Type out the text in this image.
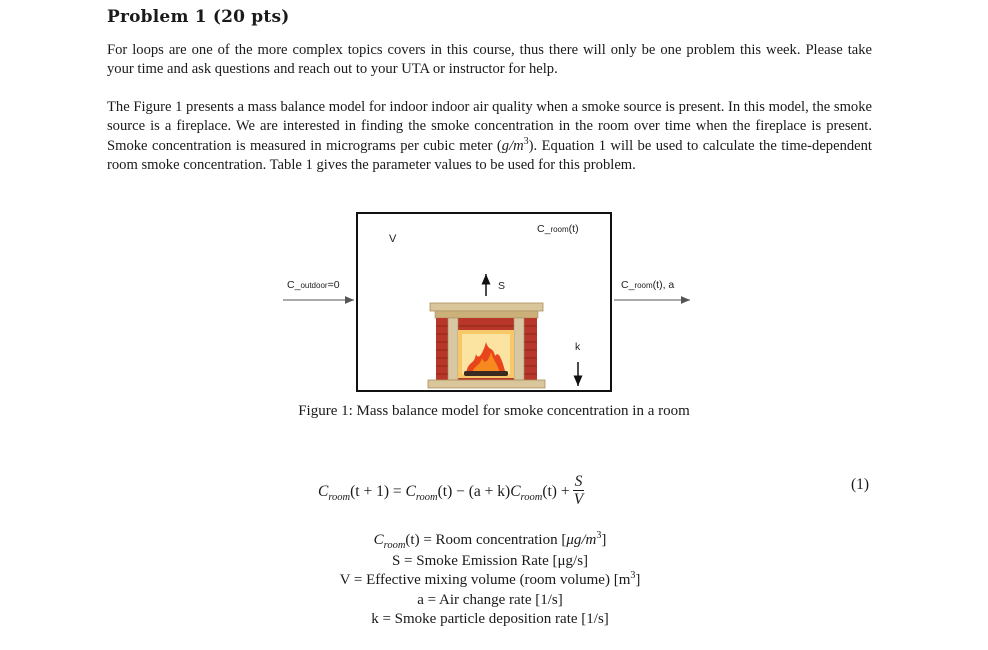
Problem 1 (20 pts)
For loops are one of the more complex topics covers in this course, thus there will only be one problem this week. Please take your time and ask questions and reach out to your UTA or instructor for help.
The Figure 1 presents a mass balance model for indoor indoor air quality when a smoke source is present. In this model, the smoke source is a fireplace. We are interested in finding the smoke concentration in the room over time when the fireplace is present. Smoke concentration is measured in micrograms per cubic meter $(g/m^3)$. Equation 1 will be used to calculate the time-dependent room smoke concentration. Table 1 gives the parameter values to be used for this problem.
V
C_room(t)
S
k
C_outdoor=0	C_room(t), a
Figure 1: Mass balance model for smoke concentration in a room
$C_{room}(t + 1) = C_{room}(t) - (a + k)C_{room}(t) + \frac{S}{V}$	(1)
$C_{room}(t)$ = Room concentration $[\mu g/m^3]$
S = Smoke Emission Rate [μg/s]
V = Effective mixing volume (room volume) $[m^3]$
a = Air change rate [1/s]
k = Smoke particle deposition rate [1/s]
